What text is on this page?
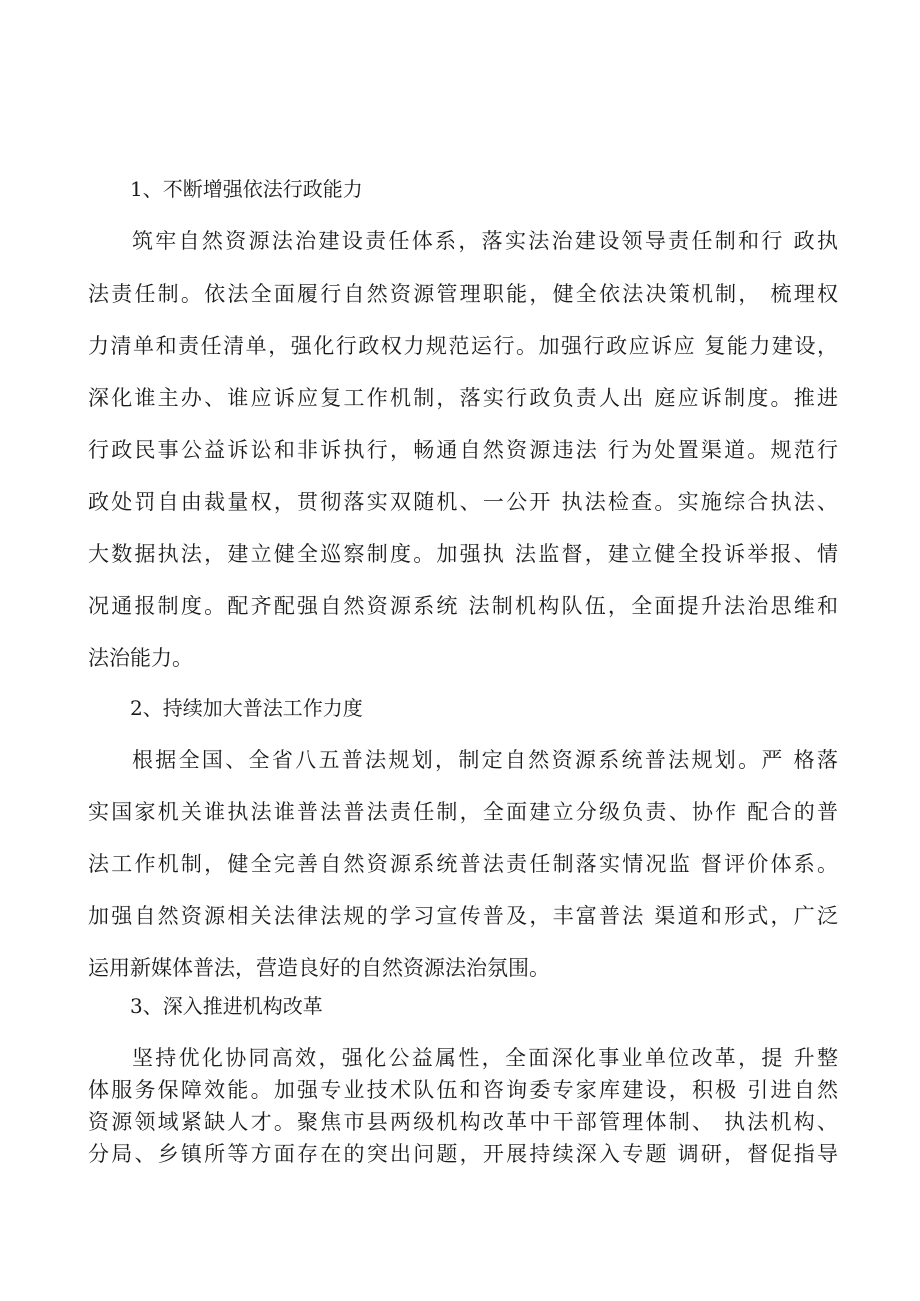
1、不断增强依法行政能力
筑牢自然资源法治建设责任体系，落实法治建设领导责任制和行 政执
法责任制。依法全面履行自然资源管理职能，健全依法决策机制， 梳理权
力清单和责任清单，强化行政权力规范运行。加强行政应诉应 复能力建设，
深化谁主办、谁应诉应复工作机制，落实行政负责人出 庭应诉制度。推进
行政民事公益诉讼和非诉执行，畅通自然资源违法 行为处置渠道。规范行
政处罚自由裁量权，贯彻落实双随机、一公开 执法检查。实施综合执法、
大数据执法，建立健全巡察制度。加强执 法监督，建立健全投诉举报、情
况通报制度。配齐配强自然资源系统 法制机构队伍，全面提升法治思维和
法治能力。
2、持续加大普法工作力度
根据全国、全省八五普法规划，制定自然资源系统普法规划。严 格落
实国家机关谁执法谁普法普法责任制，全面建立分级负责、协作 配合的普
法工作机制，健全完善自然资源系统普法责任制落实情况监 督评价体系。
加强自然资源相关法律法规的学习宣传普及，丰富普法 渠道和形式，广泛
运用新媒体普法，营造良好的自然资源法治氛围。
3、深入推进机构改革
坚持优化协同高效，强化公益属性，全面深化事业单位改革，提 升整
体服务保障效能。加强专业技术队伍和咨询委专家库建设，积极 引进自然
资源领域紧缺人才。聚焦市县两级机构改革中干部管理体制、 执法机构、
分局、乡镇所等方面存在的突出问题，开展持续深入专题 调研，督促指导
